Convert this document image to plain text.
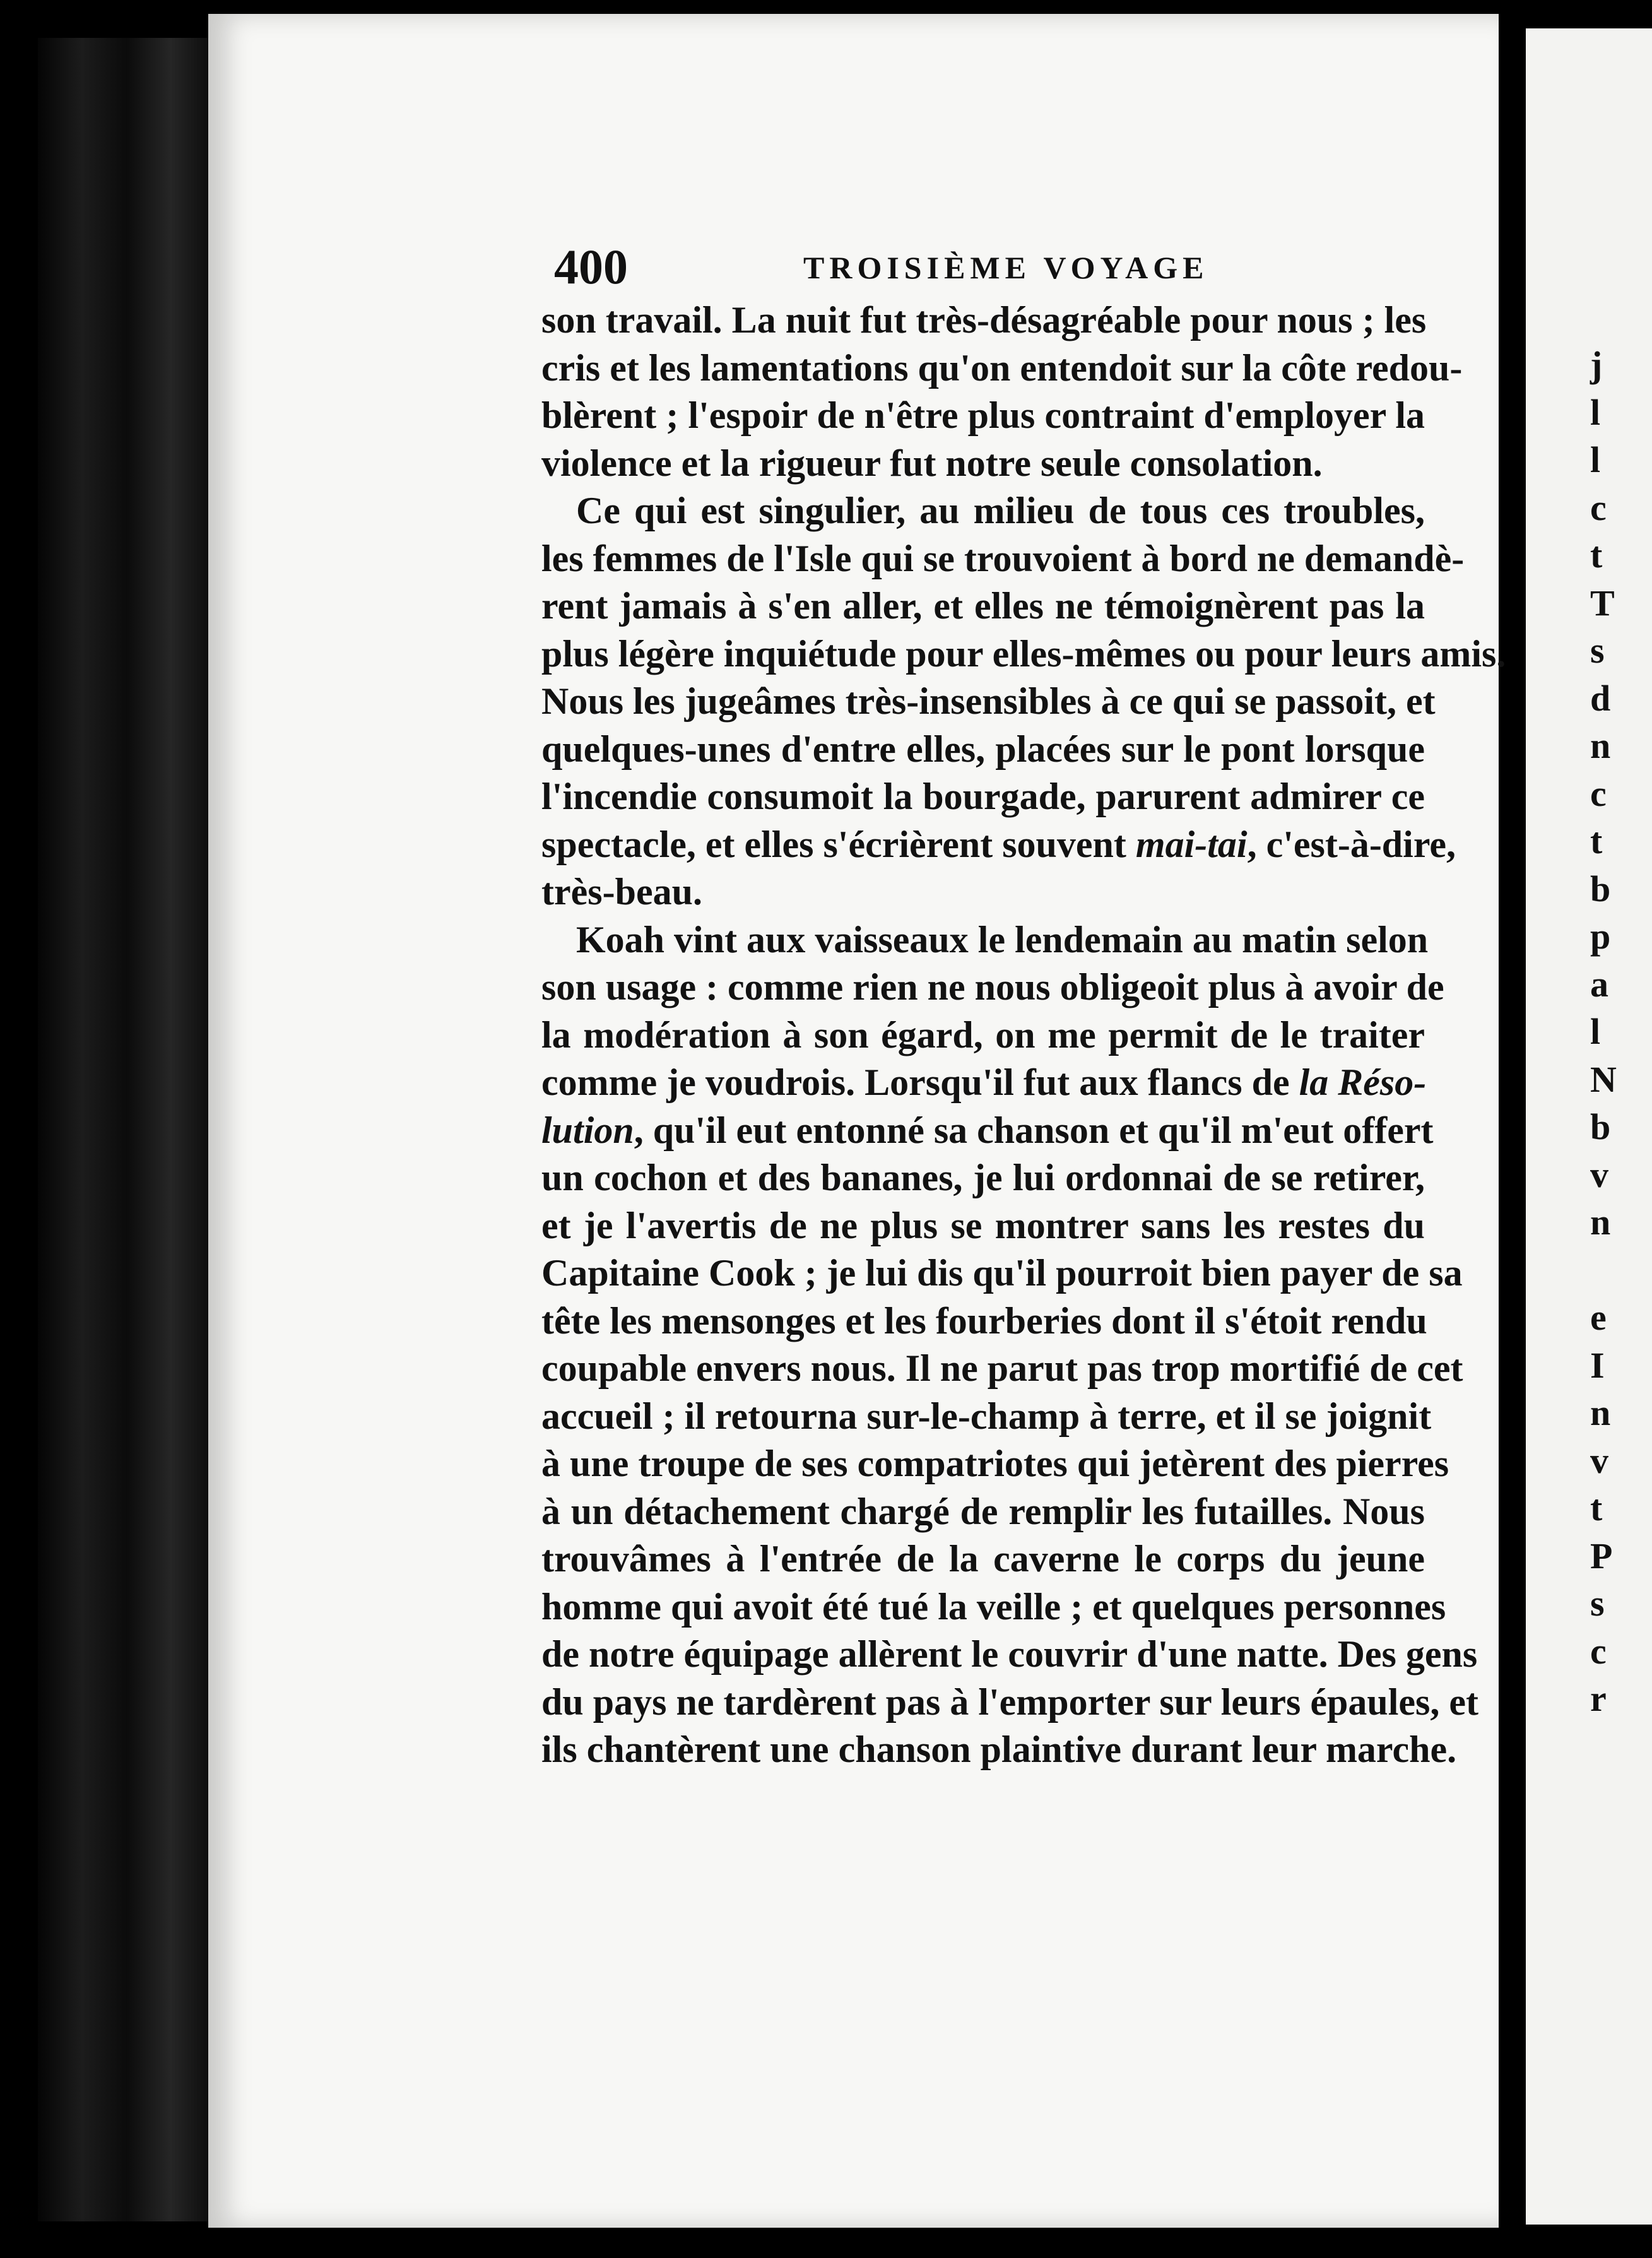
400	TROISIÈME VOYAGE
son travail. La nuit fut très-désagréable pour nous ; les
cris et les lamentations qu'on entendoit sur la côte redou-
blèrent ; l'espoir de n'être plus contraint d'employer la
violence et la rigueur fut notre seule consolation.
Ce qui est singulier, au milieu de tous ces troubles,
les femmes de l'Isle qui se trouvoient à bord ne demandè-
rent jamais à s'en aller, et elles ne témoignèrent pas la
plus légère inquiétude pour elles-mêmes ou pour leurs amis.
Nous les jugeâmes très-insensibles à ce qui se passoit, et
quelques-unes d'entre elles, placées sur le pont lorsque
l'incendie consumoit la bourgade, parurent admirer ce
spectacle, et elles s'écrièrent souvent mai-tai, c'est-à-dire,
très-beau.
Koah vint aux vaisseaux le lendemain au matin selon
son usage : comme rien ne nous obligeoit plus à avoir de
la modération à son égard, on me permit de le traiter
comme je voudrois. Lorsqu'il fut aux flancs de la Réso-
lution, qu'il eut entonné sa chanson et qu'il m'eut offert
un cochon et des bananes, je lui ordonnai de se retirer,
et je l'avertis de ne plus se montrer sans les restes du
Capitaine Cook ; je lui dis qu'il pourroit bien payer de sa
tête les mensonges et les fourberies dont il s'étoit rendu
coupable envers nous. Il ne parut pas trop mortifié de cet
accueil ; il retourna sur-le-champ à terre, et il se joignit
à une troupe de ses compatriotes qui jetèrent des pierres
à un détachement chargé de remplir les futailles. Nous
trouvâmes à l'entrée de la caverne le corps du jeune
homme qui avoit été tué la veille ; et quelques personnes
de notre équipage allèrent le couvrir d'une natte. Des gens
du pays ne tardèrent pas à l'emporter sur leurs épaules, et
ils chantèrent une chanson plaintive durant leur marche.
j
l
l
c
t
T
s
d
n
c
t
b
p
a
l
N
b
v
n
e
I
n
v
t
P
s
c
r
